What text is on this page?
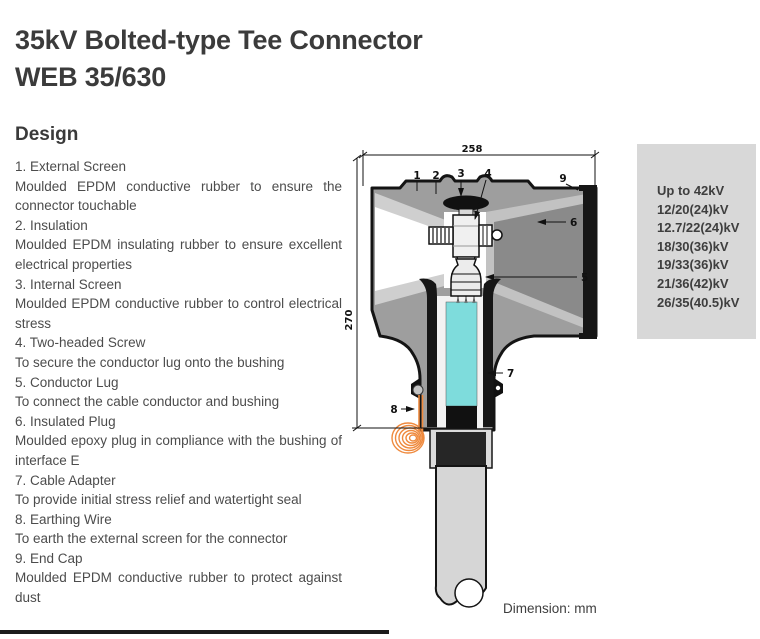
35kV Bolted-type Tee Connector
WEB 35/630
Design
1. External Screen
Moulded EPDM conductive rubber to ensure the connector touchable
2. Insulation
Moulded EPDM insulating rubber to ensure excellent electrical properties
3. Internal Screen
Moulded EPDM conductive rubber to control electrical stress
4. Two-headed Screw
To secure the conductor lug onto the bushing
5. Conductor Lug
To connect the cable conductor and bushing
6. Insulated Plug
Moulded epoxy plug in compliance with the bushing of interface E
7. Cable Adapter
To provide initial stress relief and watertight seal
8. Earthing Wire
To earth the external screen for the connector
9. End Cap
Moulded EPDM conductive rubber to protect against dust
Up to 42kV
12/20(24)kV
12.7/22(24)kV
18/30(36)kV
19/33(36)kV
21/36(42)kV
26/35(40.5)kV
258
270
1 2 3 4
5
6
7
8
9
Dimension: mm
